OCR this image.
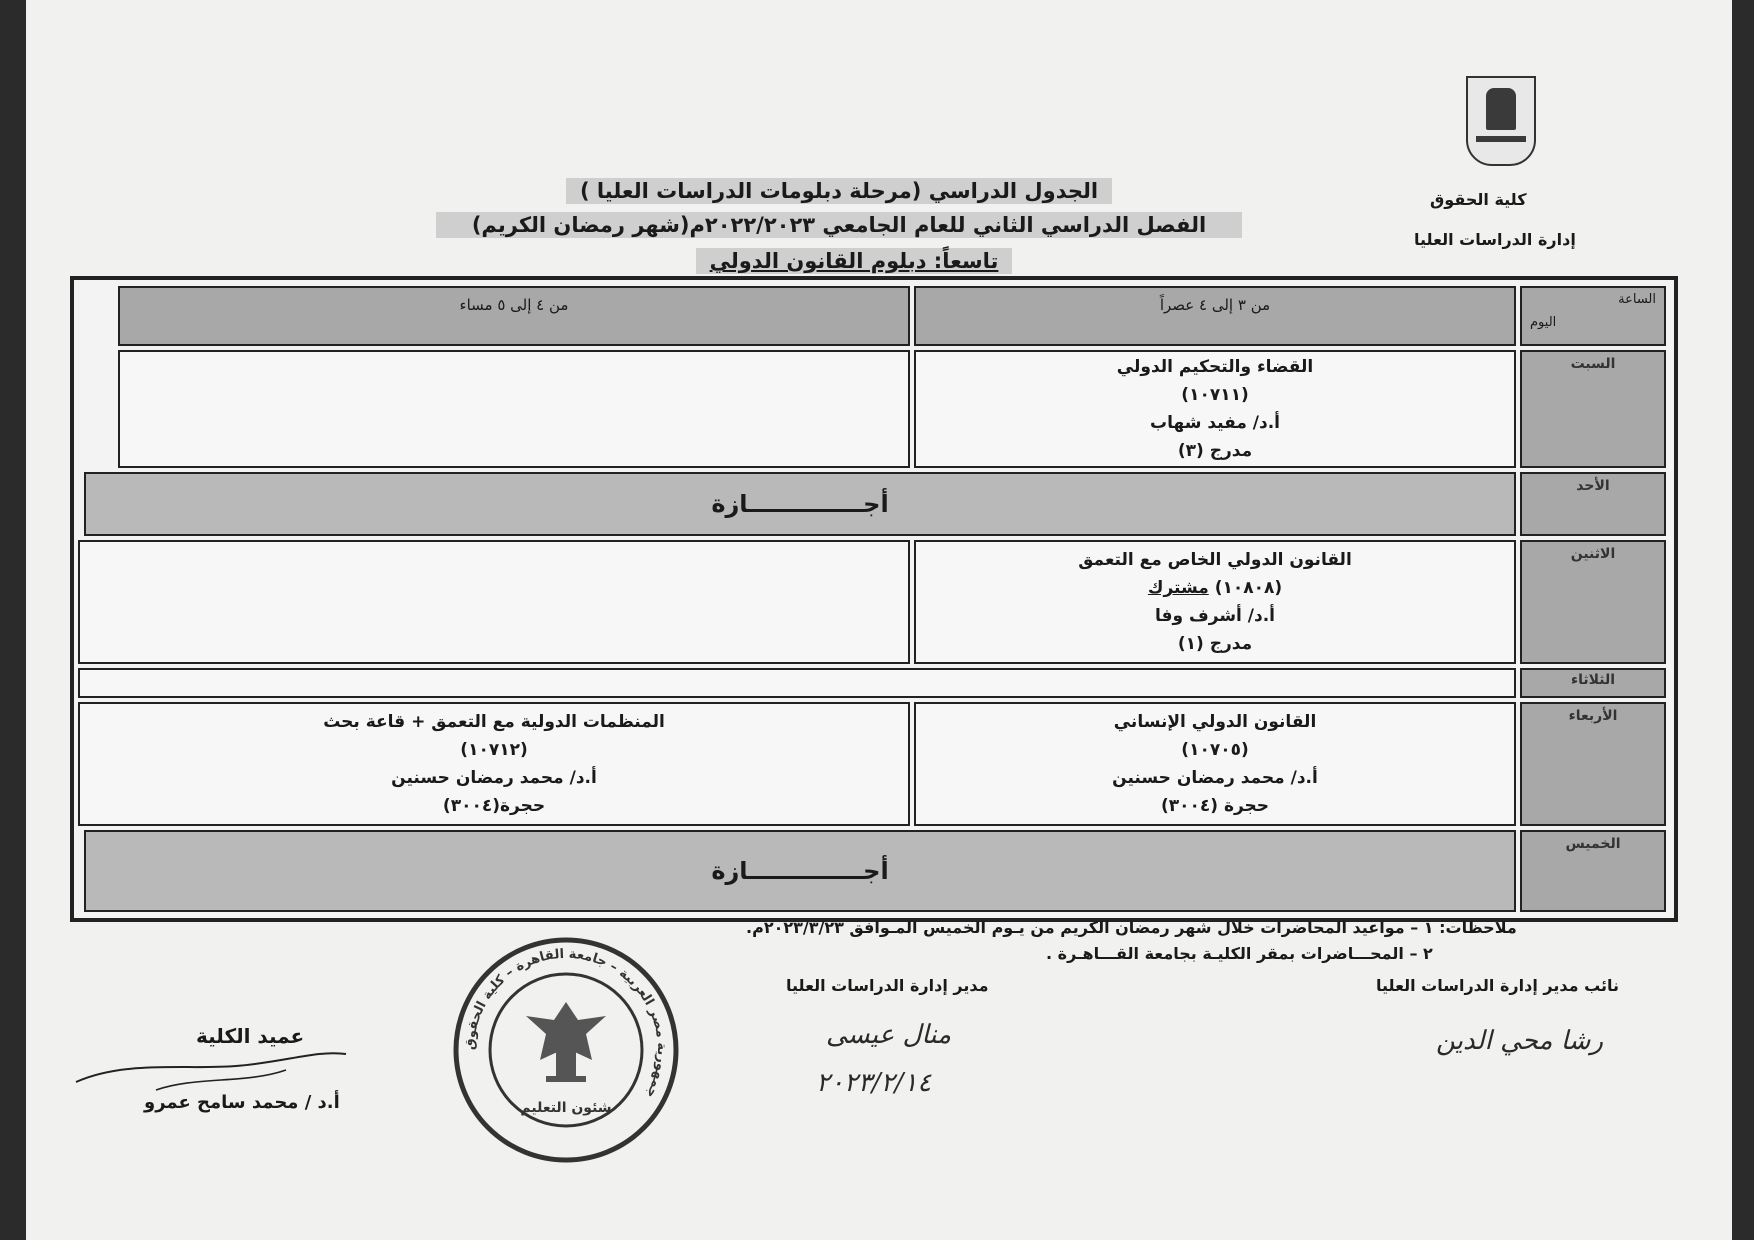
كلية الحقوق
إدارة الدراسات العليا
الجدول الدراسي (مرحلة دبلومات الدراسات العليا )
الفصل الدراسي الثاني للعام الجامعي ٢٠٢٢/٢٠٢٣م(شهر رمضان الكريم)
تاسعاً: دبلوم القانون الدولي
الساعة
اليوم
من ٣ إلى ٤ عصراً
من ٤ إلى ٥ مساء
السبت
القضاء والتحكيم الدولي
(١٠٧١١)
أ.د/ مفيد شهاب
مدرج (٣)
الأحد
أجــــــــــــــازة
الاثنين
القانون الدولي الخاص مع التعمق
(١٠٨٠٨) مشترك
أ.د/ أشرف وفا
مدرج (١)
الثلاثاء
الأربعاء
القانون الدولي الإنساني
(١٠٧٠٥)
أ.د/ محمد رمضان حسنين
حجرة (٣٠٠٤)
المنظمات الدولية مع التعمق + قاعة بحث
(١٠٧١٢)
أ.د/ محمد رمضان حسنين
حجرة(٣٠٠٤)
الخميس
أجــــــــــــــازة
ملاحظات: ١ – مواعيد المحاضرات خلال شهر رمضان الكريم من يـوم الخميس المـوافق ٢٠٢٣/٣/٢٣م.
٢ – المحـــاضرات بمقر الكليـة بجامعة القـــاهـرة .
نائب مدير إدارة الدراسات العليا
رشا محي الدين
مدير إدارة الدراسات العليا
منال عيسى
٢٠٢٣/٢/١٤
عميد الكلية
أ.د / محمد سامح عمرو
جمهورية مصر العربية – جامعة القاهرة – كلية الحقوق
شئون التعليم
